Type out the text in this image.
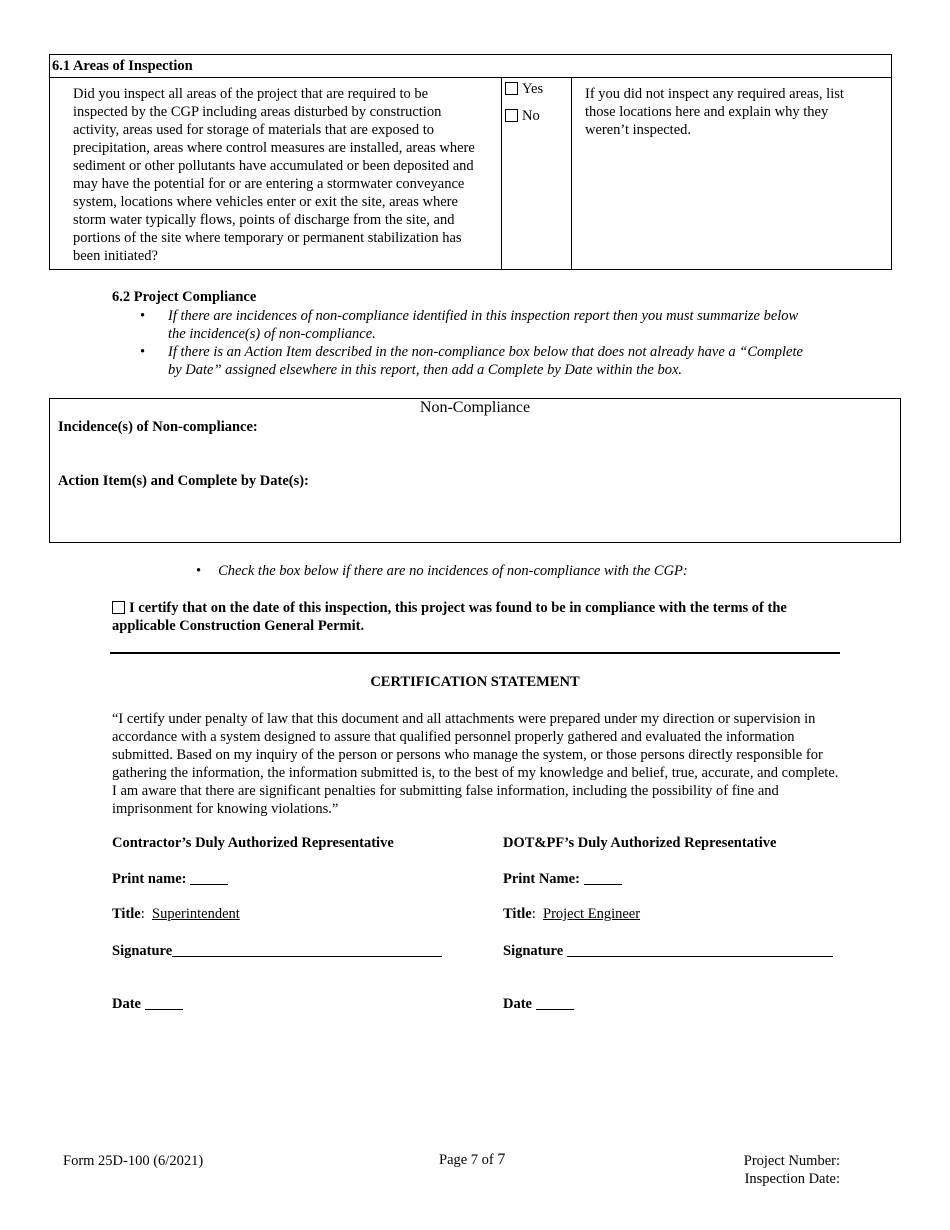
6.1 Areas of Inspection
Did you inspect all areas of the project that are required to be inspected by the CGP including areas disturbed by construction activity, areas used for storage of materials that are exposed to precipitation, areas where control measures are installed, areas where sediment or other pollutants have accumulated or been deposited and may have the potential for or are entering a stormwater conveyance system, locations where vehicles enter or exit the site, areas where storm water typically flows, points of discharge from the site, and portions of the site where temporary or permanent stabilization has been initiated?
Yes
No
If you did not inspect any required areas, list those locations here and explain why they weren’t inspected.
6.2 Project Compliance
• If there are incidences of non-compliance identified in this inspection report then you must summarize below the incidence(s) of non-compliance.
• If there is an Action Item described in the non-compliance box below that does not already have a “Complete by Date” assigned elsewhere in this report, then add a Complete by Date within the box.
Non-Compliance
Incidence(s) of Non-compliance:
Action Item(s) and Complete by Date(s):
• Check the box below if there are no incidences of non-compliance with the CGP:
I certify that on the date of this inspection, this project was found to be in compliance with the terms of the applicable Construction General Permit.
CERTIFICATION STATEMENT
“I certify under penalty of law that this document and all attachments were prepared under my direction or supervision in accordance with a system designed to assure that qualified personnel properly gathered and evaluated the information submitted. Based on my inquiry of the person or persons who manage the system, or those persons directly responsible for gathering the information, the information submitted is, to the best of my knowledge and belief, true, accurate, and complete. I am aware that there are significant penalties for submitting false information, including the possibility of fine and imprisonment for knowing violations.”
Contractor’s Duly Authorized Representative
Print name:
Title:  Superintendent
Signature
Date
DOT&PF’s Duly Authorized Representative
Print Name:
Title:  Project Engineer
Signature
Date
Form 25D-100 (6/2021)	Page 7 of 7	Project Number:
Inspection Date:
